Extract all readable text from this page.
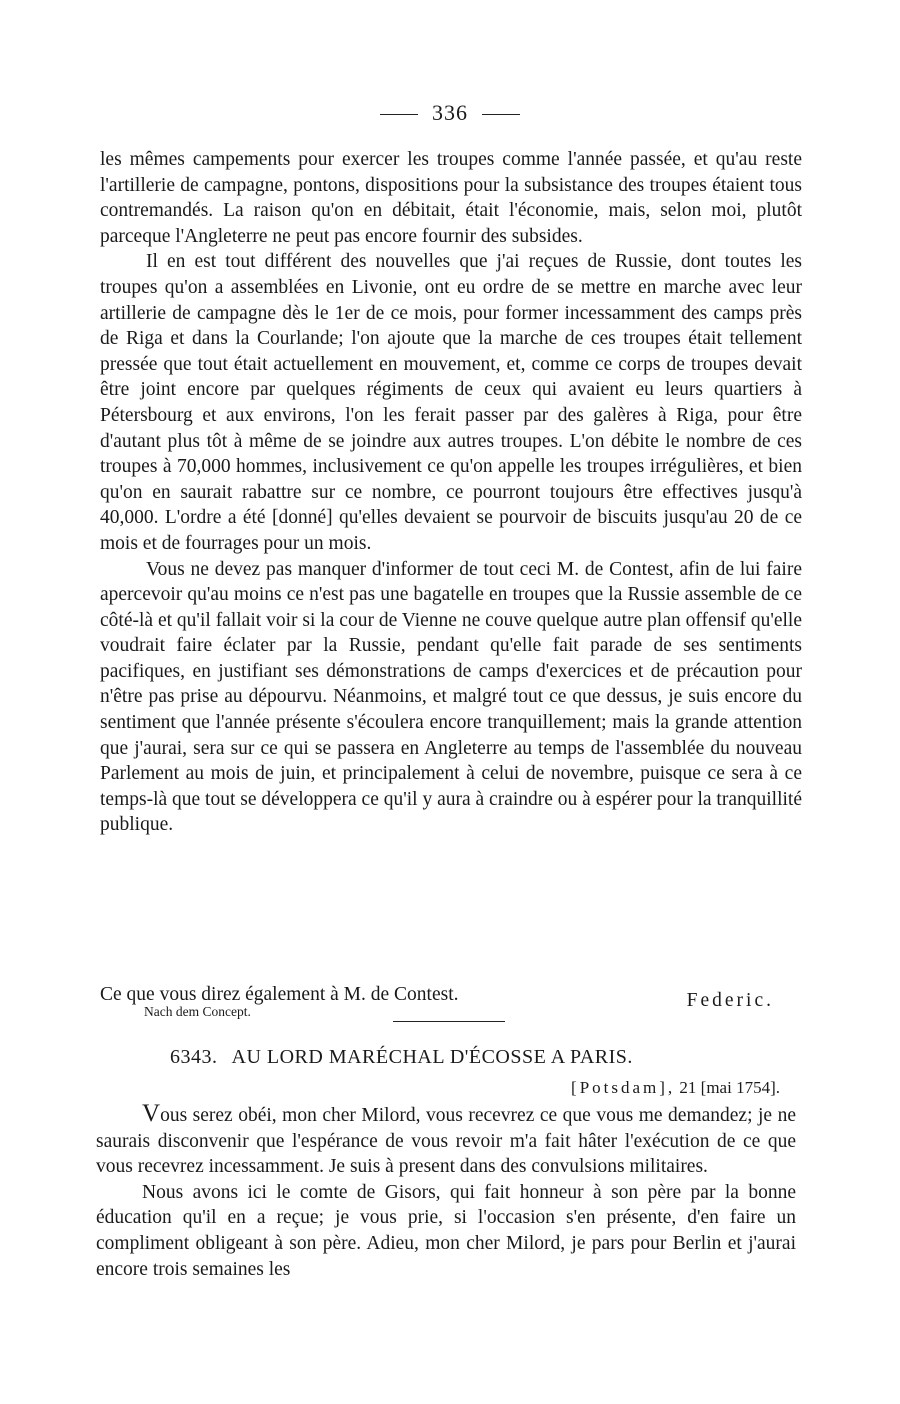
336

les mêmes campements pour exercer les troupes comme l'année passée, et qu'au reste l'artillerie de campagne, pontons, dispositions pour la subsistance des troupes étaient tous contremandés. La raison qu'on en débitait, était l'économie, mais, selon moi, plutôt parceque l'Angleterre ne peut pas encore fournir des subsides.

Il en est tout différent des nouvelles que j'ai reçues de Russie, dont toutes les troupes qu'on a assemblées en Livonie, ont eu ordre de se mettre en marche avec leur artillerie de campagne dès le 1er de ce mois, pour former incessamment des camps près de Riga et dans la Courlande; l'on ajoute que la marche de ces troupes était tellement pressée que tout était actuellement en mouvement, et, comme ce corps de troupes devait être joint encore par quelques régiments de ceux qui avaient eu leurs quartiers à Pétersbourg et aux environs, l'on les ferait passer par des galères à Riga, pour être d'autant plus tôt à même de se joindre aux autres troupes. L'on débite le nombre de ces troupes à 70,000 hommes, inclusivement ce qu'on appelle les troupes irrégulières, et bien qu'on en saurait rabattre sur ce nombre, ce pourront toujours être effectives jusqu'à 40,000. L'ordre a été [donné] qu'elles devaient se pourvoir de biscuits jusqu'au 20 de ce mois et de fourrages pour un mois.

Vous ne devez pas manquer d'informer de tout ceci M. de Contest, afin de lui faire apercevoir qu'au moins ce n'est pas une bagatelle en troupes que la Russie assemble de ce côté-là et qu'il fallait voir si la cour de Vienne ne couve quelque autre plan offensif qu'elle voudrait faire éclater par la Russie, pendant qu'elle fait parade de ses sentiments pacifiques, en justifiant ses démonstrations de camps d'exercices et de précaution pour n'être pas prise au dépourvu. Néanmoins, et malgré tout ce que dessus, je suis encore du sentiment que l'année présente s'écoulera encore tranquillement; mais la grande attention que j'aurai, sera sur ce qui se passera en Angleterre au temps de l'assemblée du nouveau Parlement au mois de juin, et principalement à celui de novembre, puisque ce sera à ce temps-là que tout se développera ce qu'il y aura à craindre ou à espérer pour la tranquillité publique.

Ce que vous direz également à M. de Contest.	Federic.
Nach dem Concept.
6343. AU LORD MARÉCHAL D'ÉCOSSE A PARIS.
[Potsdam], 21 [mai 1754].

Vous serez obéi, mon cher Milord, vous recevrez ce que vous me demandez; je ne saurais disconvenir que l'espérance de vous revoir m'a fait hâter l'exécution de ce que vous recevrez incessamment. Je suis à present dans des convulsions militaires.

Nous avons ici le comte de Gisors, qui fait honneur à son père par la bonne éducation qu'il en a reçue; je vous prie, si l'occasion s'en présente, d'en faire un compliment obligeant à son père. Adieu, mon cher Milord, je pars pour Berlin et j'aurai encore trois semaines les
